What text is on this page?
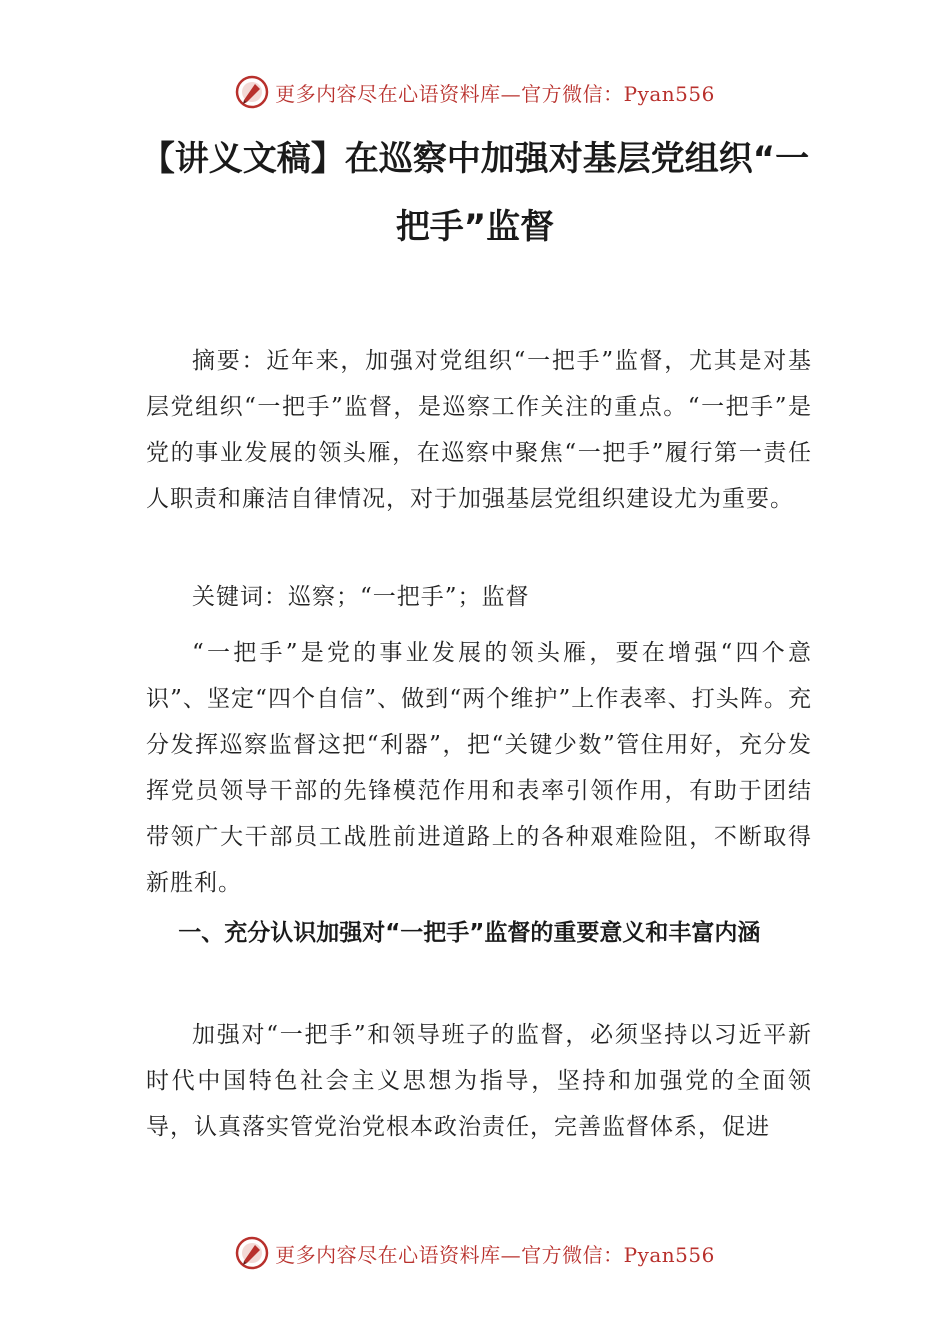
更多内容尽在心语资料库—官方微信：Pyan556
【讲义文稿】在巡察中加强对基层党组织“一把手”监督

摘要：近年来，加强对党组织“一把手”监督，尤其是对基层党组织“一把手”监督，是巡察工作关注的重点。“一把手”是党的事业发展的领头雁，在巡察中聚焦“一把手”履行第一责任人职责和廉洁自律情况，对于加强基层党组织建设尤为重要。

关键词：巡察；“一把手”；监督

“一把手”是党的事业发展的领头雁，要在增强“四个意识”、坚定“四个自信”、做到“两个维护”上作表率、打头阵。充分发挥巡察监督这把“利器”，把“关键少数”管住用好，充分发挥党员领导干部的先锋模范作用和表率引领作用，有助于团结带领广大干部员工战胜前进道路上的各种艰难险阻，不断取得新胜利。

一、充分认识加强对“一把手”监督的重要意义和丰富内涵

加强对“一把手”和领导班子的监督，必须坚持以习近平新时代中国特色社会主义思想为指导，坚持和加强党的全面领导，认真落实管党治党根本政治责任，完善监督体系，促进

更多内容尽在心语资料库—官方微信：Pyan556
